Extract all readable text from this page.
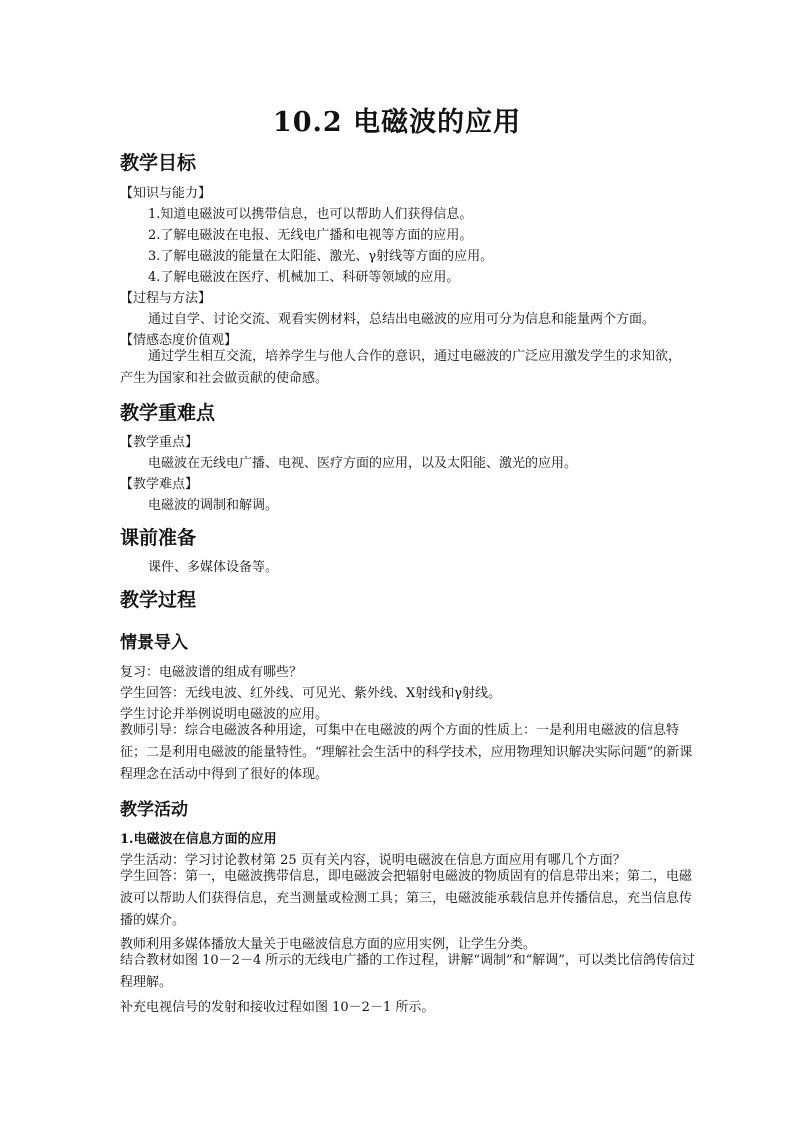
10.2 电磁波的应用
教学目标
【知识与能力】
1.知道电磁波可以携带信息，也可以帮助人们获得信息。
2.了解电磁波在电报、无线电广播和电视等方面的应用。
3.了解电磁波的能量在太阳能、激光、γ射线等方面的应用。
4.了解电磁波在医疗、机械加工、科研等领域的应用。
【过程与方法】
通过自学、讨论交流、观看实例材料，总结出电磁波的应用可分为信息和能量两个方面。
【情感态度价值观】
通过学生相互交流，培养学生与他人合作的意识，通过电磁波的广泛应用激发学生的求知欲，产生为国家和社会做贡献的使命感。
教学重难点
【教学重点】
电磁波在无线电广播、电视、医疗方面的应用，以及太阳能、激光的应用。
【教学难点】
电磁波的调制和解调。
课前准备
课件、多媒体设备等。
教学过程
情景导入
复习：电磁波谱的组成有哪些？
学生回答：无线电波、红外线、可见光、紫外线、X射线和γ射线。
学生讨论并举例说明电磁波的应用。
教师引导：综合电磁波各种用途，可集中在电磁波的两个方面的性质上：一是利用电磁波的信息特征；二是利用电磁波的能量特性。“理解社会生活中的科学技术，应用物理知识解决实际问题”的新课程理念在活动中得到了很好的体现。
教学活动
1.电磁波在信息方面的应用
学生活动：学习讨论教材第 25 页有关内容，说明电磁波在信息方面应用有哪几个方面？
学生回答：第一，电磁波携带信息，即电磁波会把辐射电磁波的物质固有的信息带出来；第二，电磁波可以帮助人们获得信息，充当测量或检测工具；第三，电磁波能承载信息并传播信息，充当信息传播的媒介。
教师利用多媒体播放大量关于电磁波信息方面的应用实例，让学生分类。
结合教材如图 10－2－4 所示的无线电广播的工作过程，讲解“调制”和“解调”，可以类比信鸽传信过程理解。
补充电视信号的发射和接收过程如图 10－2－1 所示。
